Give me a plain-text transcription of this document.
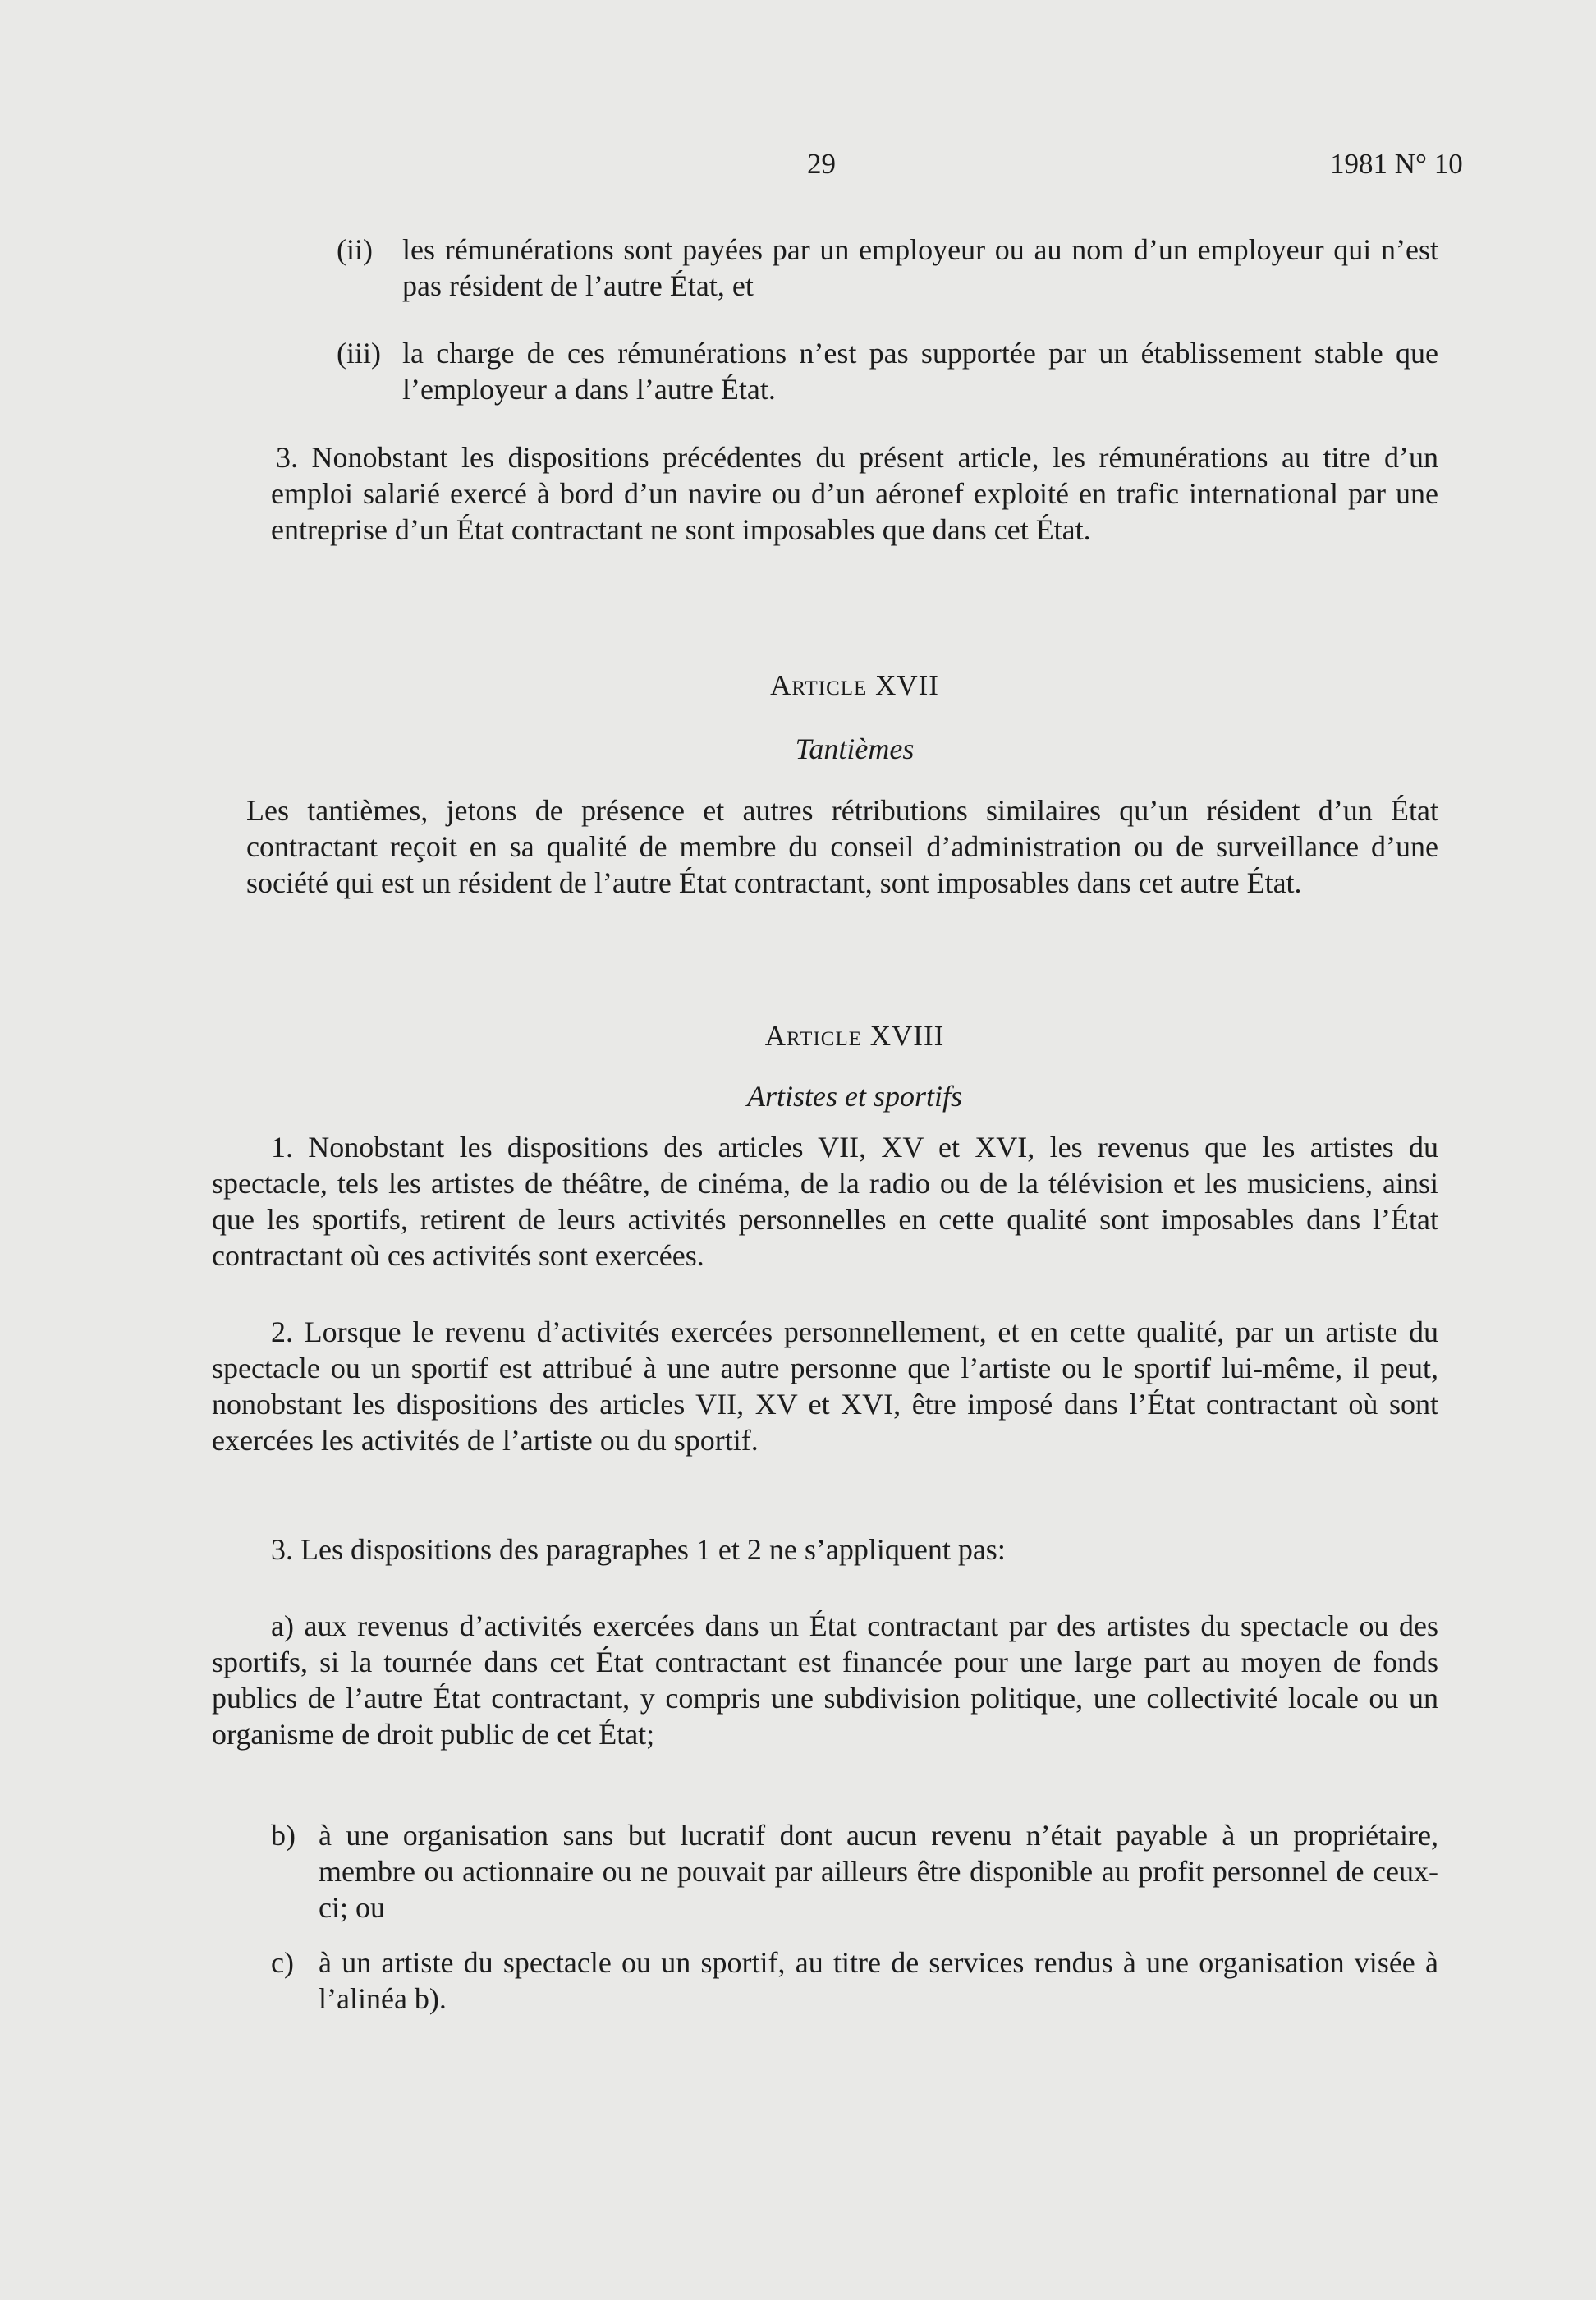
29	1981 N° 10
(ii)	les rémunérations sont payées par un employeur ou au nom d’un employeur qui n’est pas résident de l’autre État, et
(iii) la charge de ces rémunérations n’est pas supportée par un établissement stable que l’employeur a dans l’autre État.
3. Nonobstant les dispositions précédentes du présent article, les rémunérations au titre d’un emploi salarié exercé à bord d’un navire ou d’un aéronef exploité en trafic international par une entreprise d’un État contractant ne sont imposables que dans cet État.
Article XVII
Tantièmes
Les tantièmes, jetons de présence et autres rétributions similaires qu’un résident d’un État contractant reçoit en sa qualité de membre du conseil d’administration ou de surveillance d’une société qui est un résident de l’autre État contractant, sont imposables dans cet autre État.
Article XVIII
Artistes et sportifs
1. Nonobstant les dispositions des articles VII, XV et XVI, les revenus que les artistes du spectacle, tels les artistes de théâtre, de cinéma, de la radio ou de la télévision et les musiciens, ainsi que les sportifs, retirent de leurs activités personnelles en cette qualité sont imposables dans l’État contractant où ces activités sont exercées.
2. Lorsque le revenu d’activités exercées personnellement, et en cette qualité, par un artiste du spectacle ou un sportif est attribué à une autre personne que l’artiste ou le sportif lui-même, il peut, nonobstant les dispositions des articles VII, XV et XVI, être imposé dans l’État contractant où sont exercées les activités de l’artiste ou du sportif.
3. Les dispositions des paragraphes 1 et 2 ne s’appliquent pas:
a) aux revenus d’activités exercées dans un État contractant par des artistes du spectacle ou des sportifs, si la tournée dans cet État contractant est financée pour une large part au moyen de fonds publics de l’autre État contractant, y compris une subdivision politique, une collectivité locale ou un organisme de droit public de cet État;
b) à une organisation sans but lucratif dont aucun revenu n’était payable à un propriétaire, membre ou actionnaire ou ne pouvait par ailleurs être disponible au profit personnel de ceux-ci; ou
c) à un artiste du spectacle ou un sportif, au titre de services rendus à une organisation visée à l’alinéa b).
